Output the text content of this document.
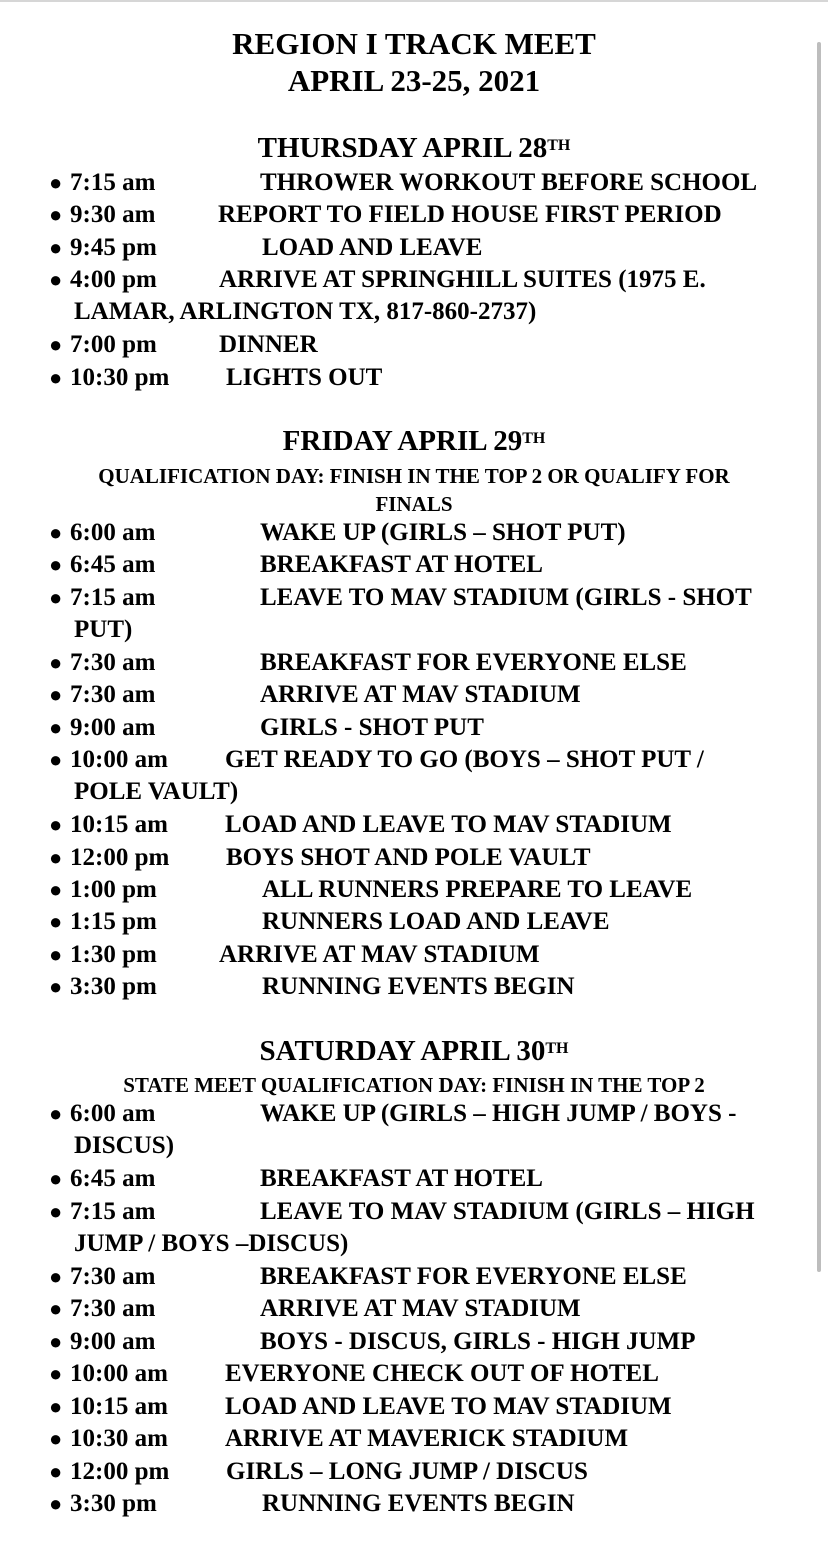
REGION I TRACK MEET
APRIL 23-25, 2021
THURSDAY APRIL 28TH
● 7:15 am	THROWER WORKOUT BEFORE SCHOOL
● 9:30 am	REPORT TO FIELD HOUSE FIRST PERIOD
● 9:45 pm	LOAD AND LEAVE
● 4:00 pm ARRIVE AT SPRINGHILL SUITES (1975 E.
LAMAR, ARLINGTON TX, 817-860-2737)
● 7:00 pm DINNER
● 10:30 pm LIGHTS OUT
FRIDAY APRIL 29TH
QUALIFICATION DAY: FINISH IN THE TOP 2 OR QUALIFY FOR
FINALS
● 6:00 am	WAKE UP (GIRLS – SHOT PUT)
● 6:45 am	BREAKFAST AT HOTEL
● 7:15 am	LEAVE TO MAV STADIUM (GIRLS - SHOT
PUT)
● 7:30 am	BREAKFAST FOR EVERYONE ELSE
● 7:30 am	ARRIVE AT MAV STADIUM
● 9:00 am	GIRLS - SHOT PUT
● 10:00 am GET READY TO GO (BOYS – SHOT PUT /
POLE VAULT)
● 10:15 am LOAD AND LEAVE TO MAV STADIUM
● 12:00 pm BOYS SHOT AND POLE VAULT
● 1:00 pm	ALL RUNNERS PREPARE TO LEAVE
● 1:15 pm	RUNNERS LOAD AND LEAVE
● 1:30 pm ARRIVE AT MAV STADIUM
● 3:30 pm	RUNNING EVENTS BEGIN
SATURDAY APRIL 30TH
STATE MEET QUALIFICATION DAY: FINISH IN THE TOP 2
● 6:00 am	WAKE UP (GIRLS – HIGH JUMP / BOYS -
DISCUS)
● 6:45 am	BREAKFAST AT HOTEL
● 7:15 am	LEAVE TO MAV STADIUM (GIRLS – HIGH
JUMP / BOYS –DISCUS)
● 7:30 am	BREAKFAST FOR EVERYONE ELSE
● 7:30 am	ARRIVE AT MAV STADIUM
● 9:00 am	BOYS - DISCUS, GIRLS - HIGH JUMP
● 10:00 am EVERYONE CHECK OUT OF HOTEL
● 10:15 am LOAD AND LEAVE TO MAV STADIUM
● 10:30 am ARRIVE AT MAVERICK STADIUM
● 12:00 pm GIRLS – LONG JUMP / DISCUS
● 3:30 pm	RUNNING EVENTS BEGIN
